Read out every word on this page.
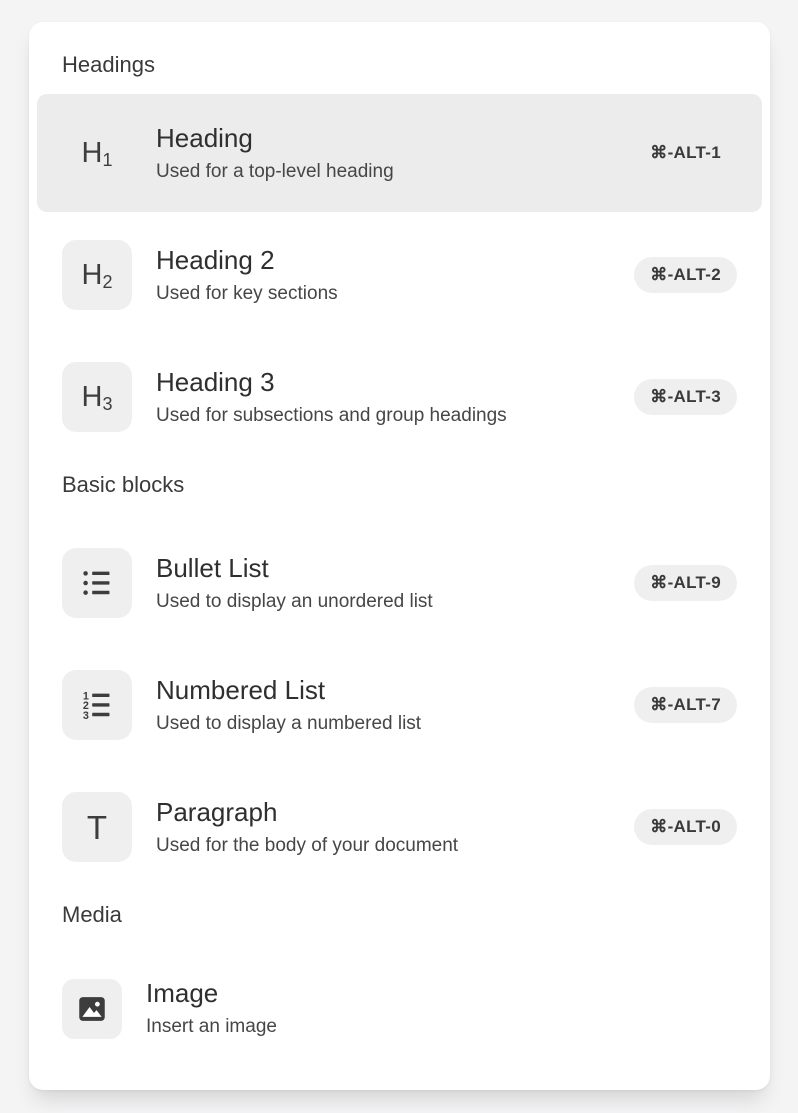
Headings
H 1
Heading
Used for a top-level heading
⌘-ALT-1
H 2
Heading 2
Used for key sections
⌘-ALT-2
H 3
Heading 3
Used for subsections and group headings
⌘-ALT-3
Basic blocks
Bullet List
Used to display an unordered list
⌘-ALT-9
1
2
3
Numbered List
Used to display a numbered list
⌘-ALT-7
T Paragraph
Used for the body of your document
⌘-ALT-0
Media
Image
Insert an image
